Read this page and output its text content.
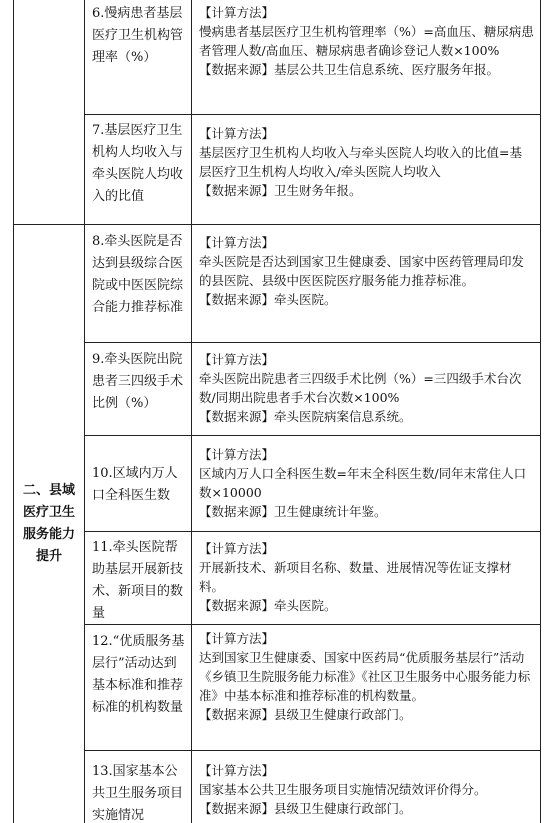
二、县域医疗卫生服务能力提升
6.慢病患者基层医疗卫生机构管理率（%）

【计算方法】

慢病患者基层医疗卫生机构管理率（%）=高血压、糖尿病患者管理人数/高血压、糖尿病患者确诊登记人数×100%

【数据来源】基层公共卫生信息系统、医疗服务年报。

7.基层医疗卫生机构人均收入与牵头医院人均收入的比值

【计算方法】

基层医疗卫生机构人均收入与牵头医院人均收入的比值=基层医疗卫生机构人均收入/牵头医院人均收入

【数据来源】卫生财务年报。

8.牵头医院是否达到县级综合医院或中医医院综合能力推荐标准

【计算方法】

牵头医院是否达到国家卫生健康委、国家中医药管理局印发的县医院、县级中医医院医疗服务能力推荐标准。

【数据来源】牵头医院。

9.牵头医院出院患者三四级手术比例（%）

【计算方法】

牵头医院出院患者三四级手术比例（%）=三四级手术台次数/同期出院患者手术台次数×100%

【数据来源】牵头医院病案信息系统。

10.区域内万人口全科医生数

【计算方法】

区域内万人口全科医生数=年末全科医生数/同年末常住人口数×10000

【数据来源】卫生健康统计年鉴。

11.牵头医院帮助基层开展新技术、新项目的数量

【计算方法】

开展新技术、新项目名称、数量、进展情况等佐证支撑材料。

【数据来源】牵头医院。

12.“优质服务基层行”活动达到基本标准和推荐标准的机构数量

【计算方法】

达到国家卫生健康委、国家中医药局“优质服务基层行”活动《乡镇卫生院服务能力标准》《社区卫生服务中心服务能力标准》中基本标准和推荐标准的机构数量。

【数据来源】县级卫生健康行政部门。

13.国家基本公共卫生服务项目实施情况

【计算方法】

国家基本公共卫生服务项目实施情况绩效评价得分。

【数据来源】县级卫生健康行政部门。
